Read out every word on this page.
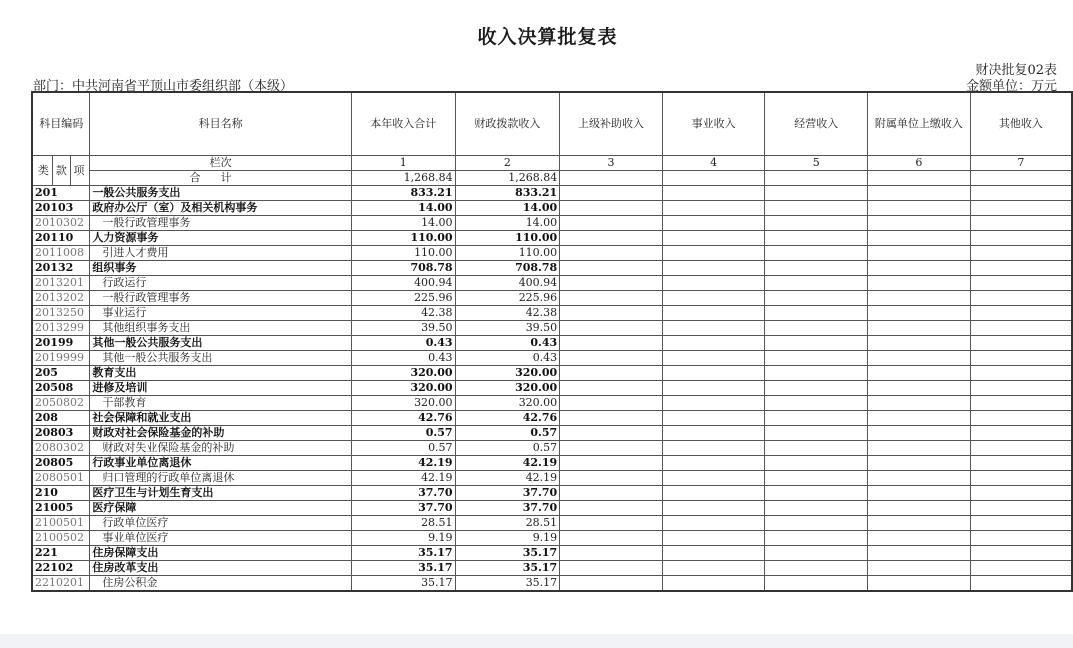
收入决算批复表
财决批复02表
金额单位：万元
部门：中共河南省平顶山市委组织部（本级）
科目编码	科目名称	本年收入合计	财政拨款收入	上级补助收入	事业收入	经营收入	附属单位上缴收入	其他收入

类 款 项	栏次	1	2	3	4	5	6	7
	合计	1,268.84	1,268.84					
201	一般公共服务支出	833.21	833.21					
20103	政府办公厅（室）及相关机构事务	14.00	14.00					
2010302	一般行政管理事务	14.00	14.00					
20110	人力资源事务	110.00	110.00					
2011008	引进人才费用	110.00	110.00					
20132	组织事务	708.78	708.78					
2013201	行政运行	400.94	400.94					
2013202	一般行政管理事务	225.96	225.96					
2013250	事业运行	42.38	42.38					
2013299	其他组织事务支出	39.50	39.50					
20199	其他一般公共服务支出	0.43	0.43					
2019999	其他一般公共服务支出	0.43	0.43					
205	教育支出	320.00	320.00					
20508	进修及培训	320.00	320.00					
2050802	干部教育	320.00	320.00					
208	社会保障和就业支出	42.76	42.76					
20803	财政对社会保险基金的补助	0.57	0.57					
2080302	财政对失业保险基金的补助	0.57	0.57					
20805	行政事业单位离退休	42.19	42.19					
2080501	归口管理的行政单位离退休	42.19	42.19					
210	医疗卫生与计划生育支出	37.70	37.70					
21005	医疗保障	37.70	37.70					
2100501	行政单位医疗	28.51	28.51					
2100502	事业单位医疗	9.19	9.19					
221	住房保障支出	35.17	35.17					
22102	住房改革支出	35.17	35.17					
2210201	住房公积金	35.17	35.17					
